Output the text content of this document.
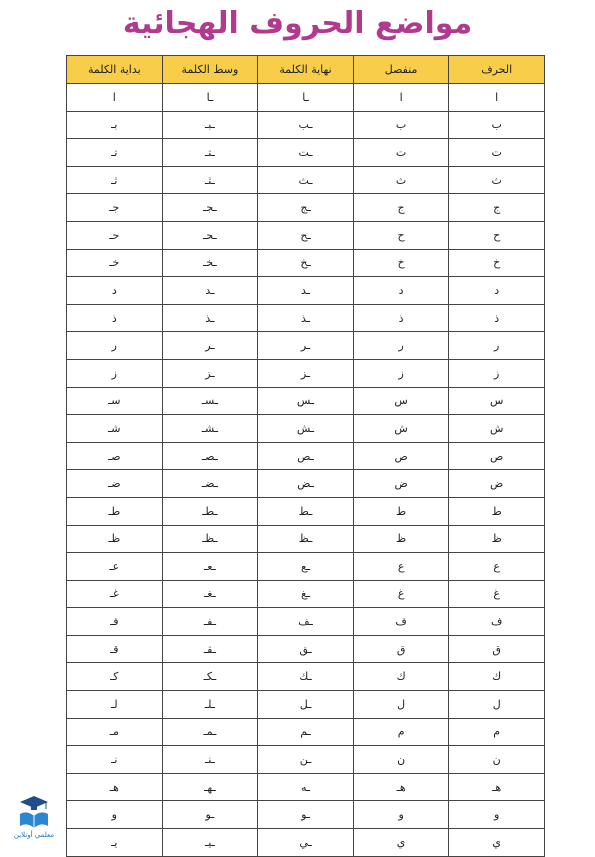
مواضع الحروف الهجائية
الحرف	منفصل	نهاية الكلمة	وسط الكلمة	بداية الكلمة
ا	ا	ـا	ـا	ا
ب	ب	ـب	ـبـ	بـ
ت	ت	ـت	ـتـ	تـ
ث	ث	ـث	ـثـ	ثـ
ج	ج	ـج	ـجـ	جـ
ح	ح	ـح	ـحـ	حـ
خ	خ	ـخ	ـخـ	خـ
د	د	ـد	ـد	د
ذ	ذ	ـذ	ـذ	ذ
ر	ر	ـر	ـر	ر
ز	ز	ـز	ـز	ز
س	س	ـس	ـسـ	سـ
ش	ش	ـش	ـشـ	شـ
ص	ص	ـص	ـصـ	صـ
ض	ض	ـض	ـضـ	ضـ
ط	ط	ـط	ـطـ	طـ
ظ	ظ	ـظ	ـظـ	ظـ
ع	ع	ـع	ـعـ	عـ
غ	غ	ـغ	ـغـ	غـ
ف	ف	ـف	ـفـ	فـ
ق	ق	ـق	ـقـ	قـ
ك	ك	ـك	ـكـ	كـ
ل	ل	ـل	ـلـ	لـ
م	م	ـم	ـمـ	مـ
ن	ن	ـن	ـنـ	نـ
هـ	هـ	ـه	ـهـ	هـ
و	و	ـو	ـو	و
ي	ي	ـي	ـيـ	يـ
معلمي أونلاين
